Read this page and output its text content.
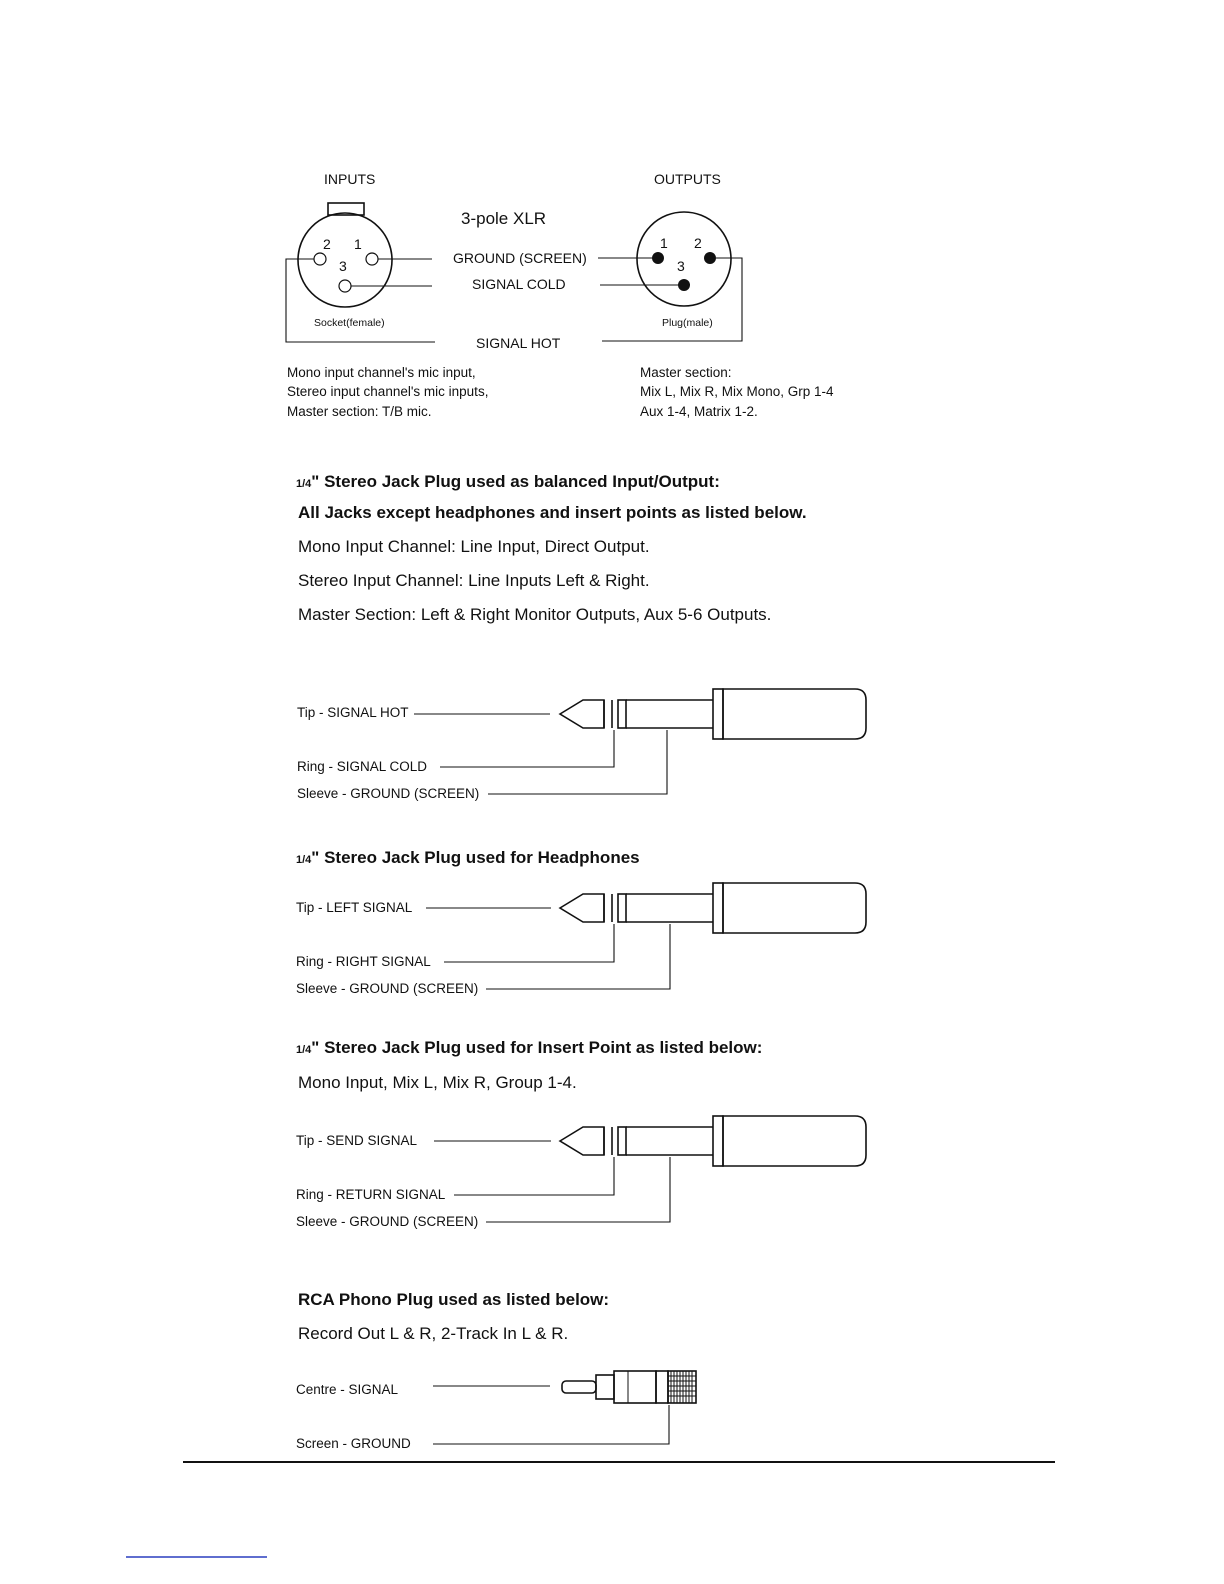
INPUTS	OUTPUTS
3-pole XLR
2 1
3
Socket(female)
1 2
3
Plug(male)
GROUND (SCREEN)
SIGNAL COLD
SIGNAL HOT
Mono input channel's mic input,
Stereo input channel's mic inputs,
Master section: T/B mic.
Master section:
Mix L, Mix R, Mix Mono, Grp 1-4
Aux 1-4, Matrix 1-2.
1/4" Stereo Jack Plug used as balanced Input/Output:
All Jacks except headphones and insert points as listed below.
Mono Input Channel: Line Input, Direct Output.
Stereo Input Channel: Line Inputs Left & Right.
Master Section: Left & Right Monitor Outputs, Aux 5-6 Outputs.
Tip - SIGNAL HOT
Ring - SIGNAL COLD
Sleeve - GROUND (SCREEN)
1/4" Stereo Jack Plug used for Headphones
Tip - LEFT SIGNAL
Ring - RIGHT SIGNAL
Sleeve - GROUND (SCREEN)
1/4" Stereo Jack Plug used for Insert Point as listed below:
Mono Input, Mix L, Mix R, Group 1-4.
Tip - SEND SIGNAL
Ring - RETURN SIGNAL
Sleeve - GROUND (SCREEN)
RCA Phono Plug used as listed below:
Record Out L & R, 2-Track In L & R.
Centre - SIGNAL
Screen - GROUND
